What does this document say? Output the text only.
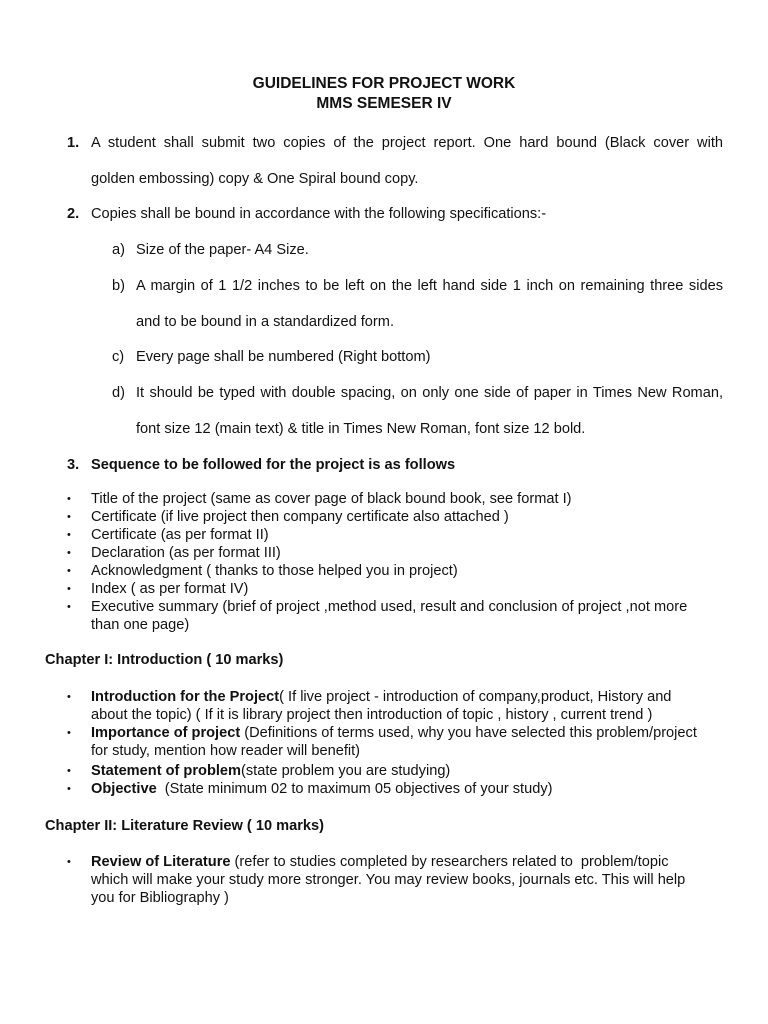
GUIDELINES FOR PROJECT WORK
MMS SEMESER IV
1. A student shall submit two copies of the project report. One hard bound (Black cover with
golden embossing) copy & One Spiral bound copy.
2. Copies shall be bound in accordance with the following specifications:-
a) Size of the paper- A4 Size.
b) A margin of 1 1/2 inches to be left on the left hand side 1 inch on remaining three sides
and to be bound in a standardized form.
c) Every page shall be numbered (Right bottom)
d) It should be typed with double spacing, on only one side of paper in Times New Roman,
font size 12 (main text) & title in Times New Roman, font size 12 bold.
3. Sequence to be followed for the project is as follows
• Title of the project (same as cover page of black bound book, see format I)
• Certificate (if live project then company certificate also attached )
• Certificate (as per format II)
• Declaration (as per format III)
• Acknowledgment ( thanks to those helped you in project)
• Index ( as per format IV)
• Executive summary (brief of project ,method used, result and conclusion of project ,not more
than one page)
Chapter I: Introduction ( 10 marks)
• Introduction for the Project( If live project - introduction of company,product, History and
about the topic) ( If it is library project then introduction of topic , history , current trend )
• Importance of project (Definitions of terms used, why you have selected this problem/project
for study, mention how reader will benefit)
• Statement of problem(state problem you are studying)
• Objective  (State minimum 02 to maximum 05 objectives of your study)
Chapter II: Literature Review ( 10 marks)
• Review of Literature (refer to studies completed by researchers related to  problem/topic
which will make your study more stronger. You may review books, journals etc. This will help
you for Bibliography )
